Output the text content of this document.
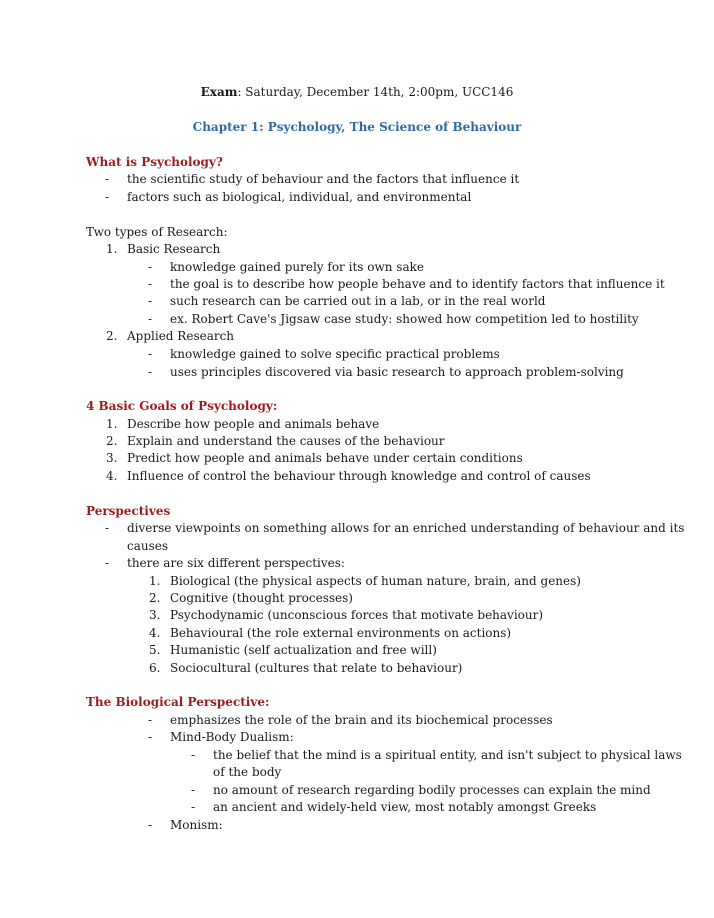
Exam: Saturday, December 14th, 2:00pm, UCC146
Chapter 1: Psychology, The Science of Behaviour
What is Psychology?
- the scientific study of behaviour and the factors that influence it
- factors such as biological, individual, and environmental
Two types of Research:
1. Basic Research
- knowledge gained purely for its own sake
- the goal is to describe how people behave and to identify factors that influence it
- such research can be carried out in a lab, or in the real world
- ex. Robert Cave's Jigsaw case study: showed how competition led to hostility
2. Applied Research
- knowledge gained to solve specific practical problems
- uses principles discovered via basic research to approach problem-solving
4 Basic Goals of Psychology:
1. Describe how people and animals behave
2. Explain and understand the causes of the behaviour
3. Predict how people and animals behave under certain conditions
4. Influence of control the behaviour through knowledge and control of causes
Perspectives
- diverse viewpoints on something allows for an enriched understanding of behaviour and its
causes
- there are six different perspectives:
1. Biological (the physical aspects of human nature, brain, and genes)
2. Cognitive (thought processes)
3. Psychodynamic (unconscious forces that motivate behaviour)
4. Behavioural (the role external environments on actions)
5. Humanistic (self actualization and free will)
6. Sociocultural (cultures that relate to behaviour)
The Biological Perspective:
- emphasizes the role of the brain and its biochemical processes
- Mind-Body Dualism:
- the belief that the mind is a spiritual entity, and isn't subject to physical laws
of the body
- no amount of research regarding bodily processes can explain the mind
- an ancient and widely-held view, most notably amongst Greeks
- Monism:
